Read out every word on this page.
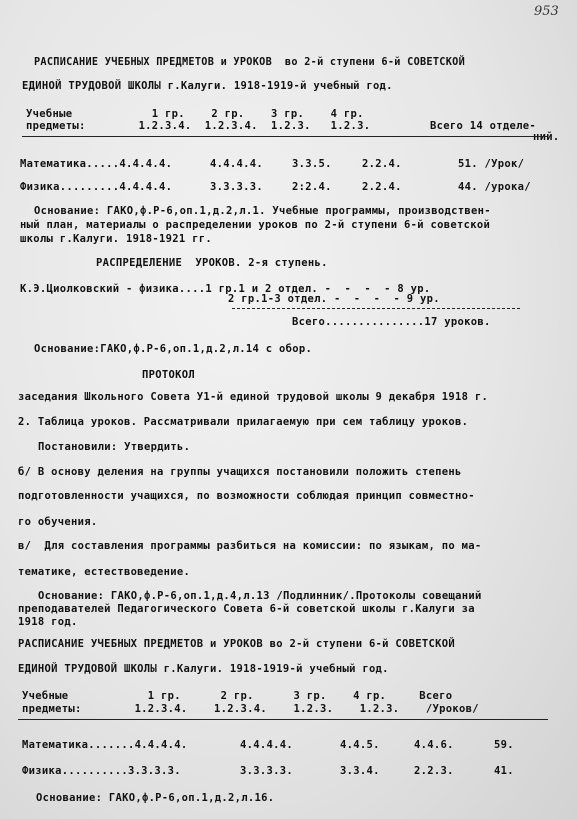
953
РАСПИСАНИЕ УЧЕБНЫХ ПРЕДМЕТОВ и УРОКОВ  во 2-й ступени 6-й СОВЕТСКОЙ
ЕДИНОЙ ТРУДОВОЙ ШКОЛЫ г.Калуги. 1918-1919-й учебный год.
Учебные            1 гр.    2 гр.    3 гр.    4 гр.
предметы:        1.2.3.4.  1.2.3.4.  1.2.3.   1.2.3.	Всего 14 отделе-
ний.
Математика.....4.4.4.4.	4.4.4.4.	3.3.5.	2.2.4.	51. /Урок/
Физика.........4.4.4.4.	3.3.3.3.	2:2.4.	2.2.4.	44. /урока/
Основание: ГАКО,ф.Р-6,оп.1,д.2,л.1. Учебные программы, производствен-
ный план, материалы о распределении уроков по 2-й ступени 6-й советской
школы г.Калуги. 1918-1921 гг.
РАСПРЕДЕЛЕНИЕ  УРОКОВ. 2-я ступень.
К.Э.Циолковский - физика....1 гр.1 и 2 отдел. -  -  -  - 8 ур.
2 гр.1-3 отдел. -  -  -  - 9 ур.
Всего...............17 уроков.
Основание:ГАКО,ф.Р-6,оп.1,д.2,л.14 с обор.
ПРОТОКОЛ
заседания Школьного Совета У1-й единой трудовой школы 9 декабря 1918 г.
2. Таблица уроков. Рассматривали прилагаемую при сем таблицу уроков.
Постановили: Утвердить.
б/ В основу деления на группы учащихся постановили положить степень
подготовленности учащихся, по возможности соблюдая принцип совместно-
го обучения.
в/  Для составления программы разбиться на комиссии: по языкам, по ма-
тематике, естествоведение.
Основание: ГАКО,ф.Р-6,оп.1,д.4,л.13 /Подлинник/.Протоколы совещаний
преподавателей Педагогического Совета 6-й советской школы г.Калуги за
1918 год.
РАСПИСАНИЕ УЧЕБНЫХ ПРЕДМЕТОВ и УРОКОВ во 2-й ступени 6-й СОВЕТСКОЙ
ЕДИНОЙ ТРУДОВОЙ ШКОЛЫ г.Калуги. 1918-1919-й учебный год.
Учебные            1 гр.      2 гр.      3 гр.    4 гр.     Всего
предметы:        1.2.3.4.    1.2.3.4.    1.2.3.    1.2.3.    /Уроков/
Математика.......4.4.4.4.	4.4.4.4.	4.4.5.	4.4.6.	59.
Физика..........3.3.3.3.	3.3.3.3.	3.3.4.	2.2.3.	41.
Основание: ГАКО,ф.Р-6,оп.1,д.2,л.16.
